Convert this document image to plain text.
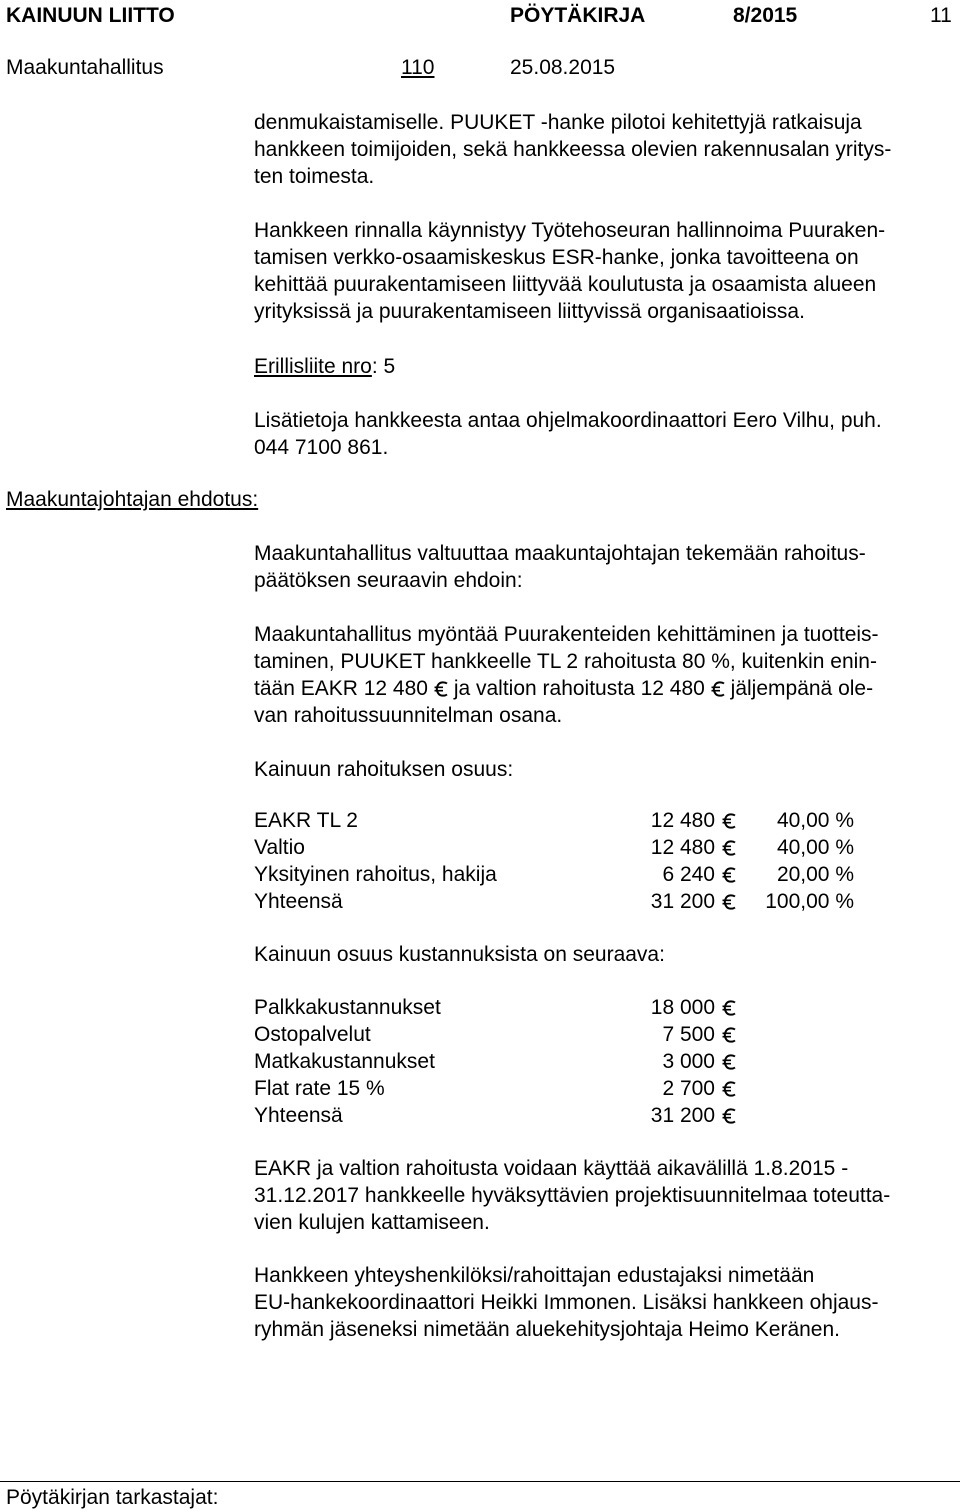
KAINUUN LIITTO	PÖYTÄKIRJA	8/2015	11
Maakuntahallitus	110	25.08.2015
denmukaistamiselle. PUUKET -hanke pilotoi kehitettyjä ratkaisuja
hankkeen toimijoiden, sekä hankkeessa olevien rakennusalan yritys-
ten toimesta.
Hankkeen rinnalla käynnistyy Työtehoseuran hallinnoima Puuraken-
tamisen verkko-osaamiskeskus ESR-hanke, jonka tavoitteena on
kehittää puurakentamiseen liittyvää koulutusta ja osaamista alueen
yrityksissä ja puurakentamiseen liittyvissä organisaatioissa.
Erillisliite nro: 5
Lisätietoja hankkeesta antaa ohjelmakoordinaattori Eero Vilhu, puh.
044 7100 861.
Maakuntajohtajan ehdotus:
Maakuntahallitus valtuuttaa maakuntajohtajan tekemään rahoitus-
päätöksen seuraavin ehdoin:
Maakuntahallitus myöntää Puurakenteiden kehittäminen ja tuotteis-
taminen, PUUKET hankkeelle TL 2 rahoitusta 80 %, kuitenkin enin-
tään EAKR 12 480 ja valtion rahoitusta 12 480 jäljempänä ole-
van rahoitussuunnitelman osana.
Kainuun rahoituksen osuus:
EAKR TL 2	12 480	40,00 %
Valtio	12 480	40,00 %
Yksityinen rahoitus, hakija	6 240	20,00 %
Yhteensä	31 200	100,00 %
Kainuun osuus kustannuksista on seuraava:
Palkkakustannukset	18 000
Ostopalvelut	7 500
Matkakustannukset	3 000
Flat rate 15 %	2 700
Yhteensä	31 200
EAKR ja valtion rahoitusta voidaan käyttää aikavälillä 1.8.2015 -
31.12.2017 hankkeelle hyväksyttävien projektisuunnitelmaa toteutta-
vien kulujen kattamiseen.
Hankkeen yhteyshenkilöksi/rahoittajan edustajaksi nimetään
EU-hankekoordinaattori Heikki Immonen. Lisäksi hankkeen ohjaus-
ryhmän jäseneksi nimetään aluekehitysjohtaja Heimo Keränen.
Pöytäkirjan tarkastajat:
